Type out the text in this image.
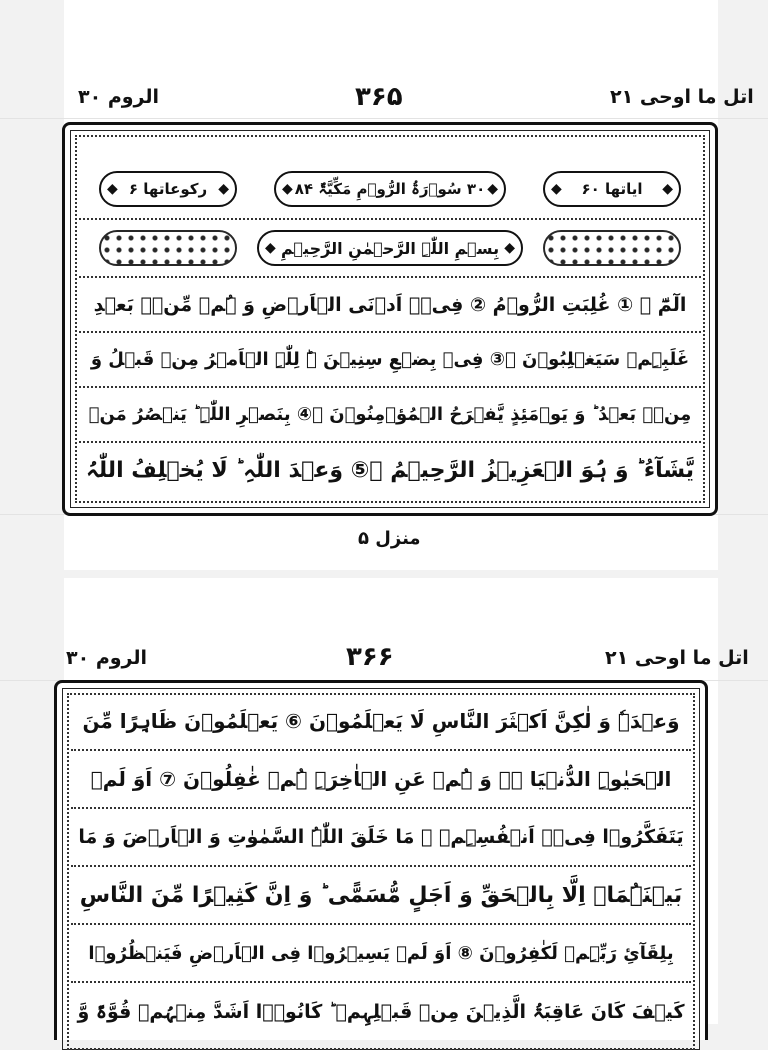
اتل ما اوحی ۲۱
۳۶۵
الروم ۳۰
◆ ایاتها ۶۰
◆
◆ ۳۰ سُوۡرَۃُ الرُّوۡمِ مَکِّیَّۃٌ ۸۴
◆
◆ رکوعاتها ۶
◆
◆ بِسۡمِ اللّٰہِ الرَّحۡمٰنِ الرَّحِیۡمِ
◆
الٓمّٓ ۚ ① غُلِبَتِ الرُّوۡمُ ② فِیۡۤ اَدۡنَی الۡاَرۡضِ وَ ہُمۡ مِّنۡۢ بَعۡدِ
غَلَبِہِمۡ سَیَغۡلِبُوۡنَ ۙ③ فِیۡ بِضۡعِ سِنِیۡنَ ۬ؕ لِلّٰہِ الۡاَمۡرُ مِنۡ قَبۡلُ وَ
مِنۡۢ بَعۡدُ ؕ وَ یَوۡمَئِذٍ یَّفۡرَحُ الۡمُؤۡمِنُوۡنَ ۙ④ بِنَصۡرِ اللّٰہِ ؕ یَنۡصُرُ مَنۡ
یَّشَآءُ ؕ وَ ہُوَ الۡعَزِیۡزُ الرَّحِیۡمُ ۙ⑤ وَعۡدَ اللّٰہِ ؕ لَا یُخۡلِفُ اللّٰہُ
منزل ۵
اتل ما اوحی ۲۱
۳۶۶
الروم ۳۰
وَعۡدَہٗ وَ لٰکِنَّ اَکۡثَرَ النَّاسِ لَا یَعۡلَمُوۡنَ ⑥ یَعۡلَمُوۡنَ ظَاہِرًا مِّنَ
الۡحَیٰوۃِ الدُّنۡیَا ۚۖ وَ ہُمۡ عَنِ الۡاٰخِرَۃِ ہُمۡ غٰفِلُوۡنَ ⑦ اَوَ لَمۡ
یَتَفَکَّرُوۡا فِیۡۤ اَنۡفُسِہِمۡ ۟ مَا خَلَقَ اللّٰہُ السَّمٰوٰتِ وَ الۡاَرۡضَ وَ مَا
بَیۡنَہُمَاۤ اِلَّا بِالۡحَقِّ وَ اَجَلٍ مُّسَمًّی ؕ وَ اِنَّ کَثِیۡرًا مِّنَ النَّاسِ
بِلِقَآیِٔ رَبِّہِمۡ لَکٰفِرُوۡنَ ⑧ اَوَ لَمۡ یَسِیۡرُوۡا فِی الۡاَرۡضِ فَیَنۡظُرُوۡا
کَیۡفَ کَانَ عَاقِبَۃُ الَّذِیۡنَ مِنۡ قَبۡلِہِمۡ ؕ کَانُوۡۤا اَشَدَّ مِنۡہُمۡ قُوَّۃً وَّ
